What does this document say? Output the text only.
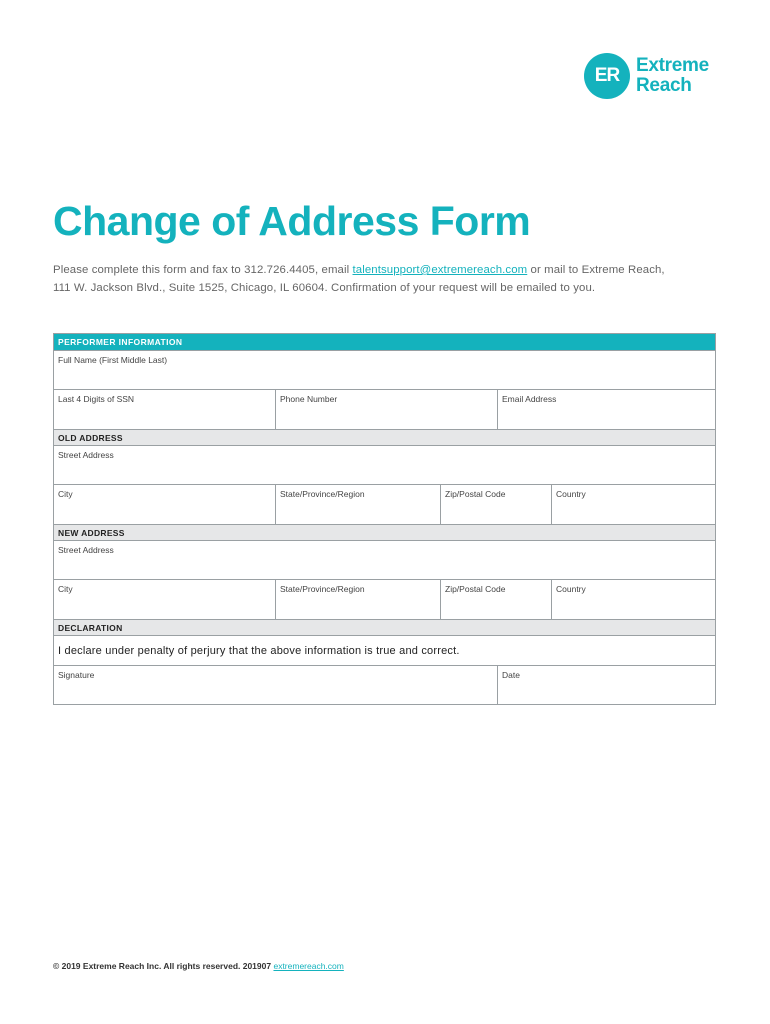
ER Extreme
Reach
Change of Address Form
Please complete this form and fax to 312.726.4405, email talentsupport@extremereach.com or mail to Extreme Reach,
111 W. Jackson Blvd., Suite 1525, Chicago, IL 60604. Confirmation of your request will be emailed to you.
PERFORMER INFORMATION
Full Name (First Middle Last)
Last 4 Digits of SSN	Phone Number	Email Address
OLD ADDRESS
Street Address
City	State/Province/Region	Zip/Postal Code	Country
NEW ADDRESS
Street Address
City	State/Province/Region	Zip/Postal Code	Country
DECLARATION
I declare under penalty of perjury that the above information is true and correct.
Signature	Date
© 2019 Extreme Reach Inc. All rights reserved. 201907 extremereach.com
